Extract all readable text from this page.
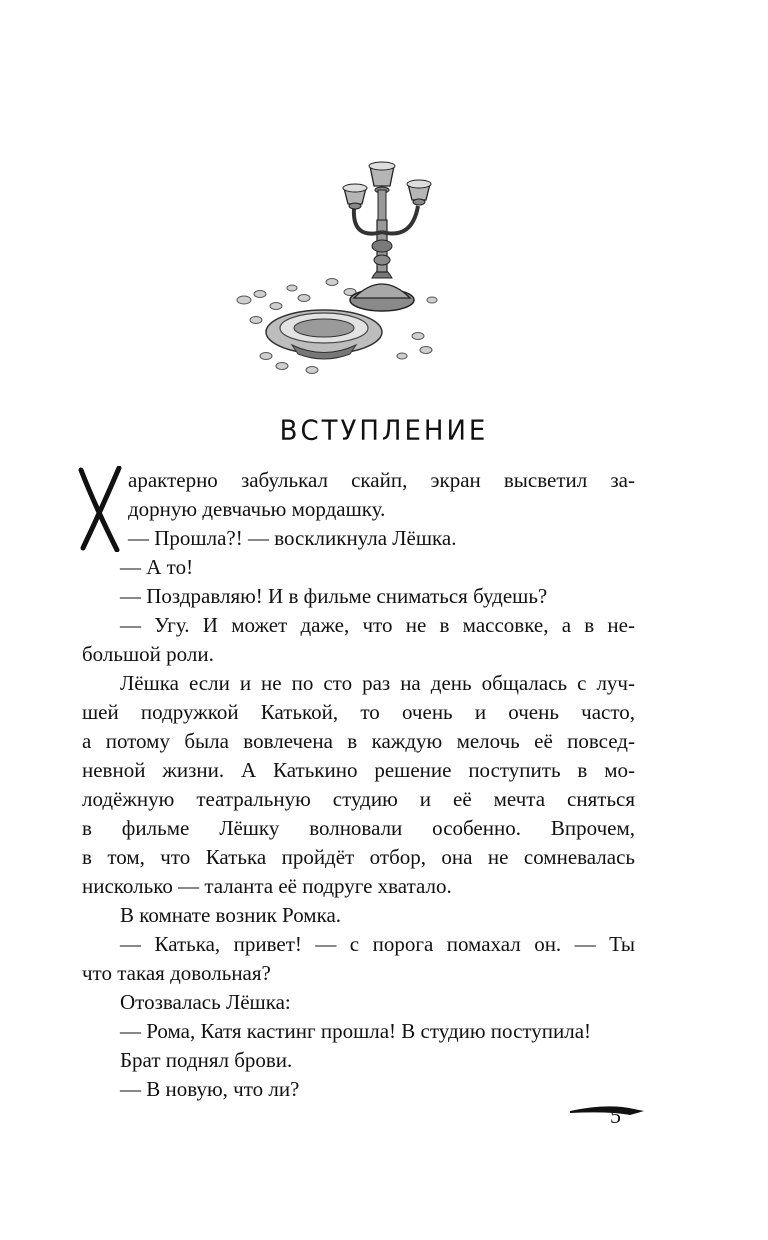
ВСТУПЛЕНИЕ
арактерно забулькал скайп, экран высветил за-
дорную девчачью мордашку.
— Прошла?! — воскликнула Лёшка.
— А то!
— Поздравляю! И в фильме сниматься будешь?
— Угу. И может даже, что не в массовке, а в не-
большой роли.
Лёшка если и не по сто раз на день общалась с луч-
шей подружкой Катькой, то очень и очень часто,
а потому была вовлечена в каждую мелочь её повсед-
невной жизни. А Катькино решение поступить в мо-
лодёжную театральную студию и её мечта сняться
в фильме Лёшку волновали особенно. Впрочем,
в том, что Катька пройдёт отбор, она не сомневалась
нисколько — таланта её подруге хватало.
В комнате возник Ромка.
— Катька, привет! — с порога помахал он. — Ты
что такая довольная?
Отозвалась Лёшка:
— Рома, Катя кастинг прошла! В студию поступила!
Брат поднял брови.
— В новую, что ли?
5
